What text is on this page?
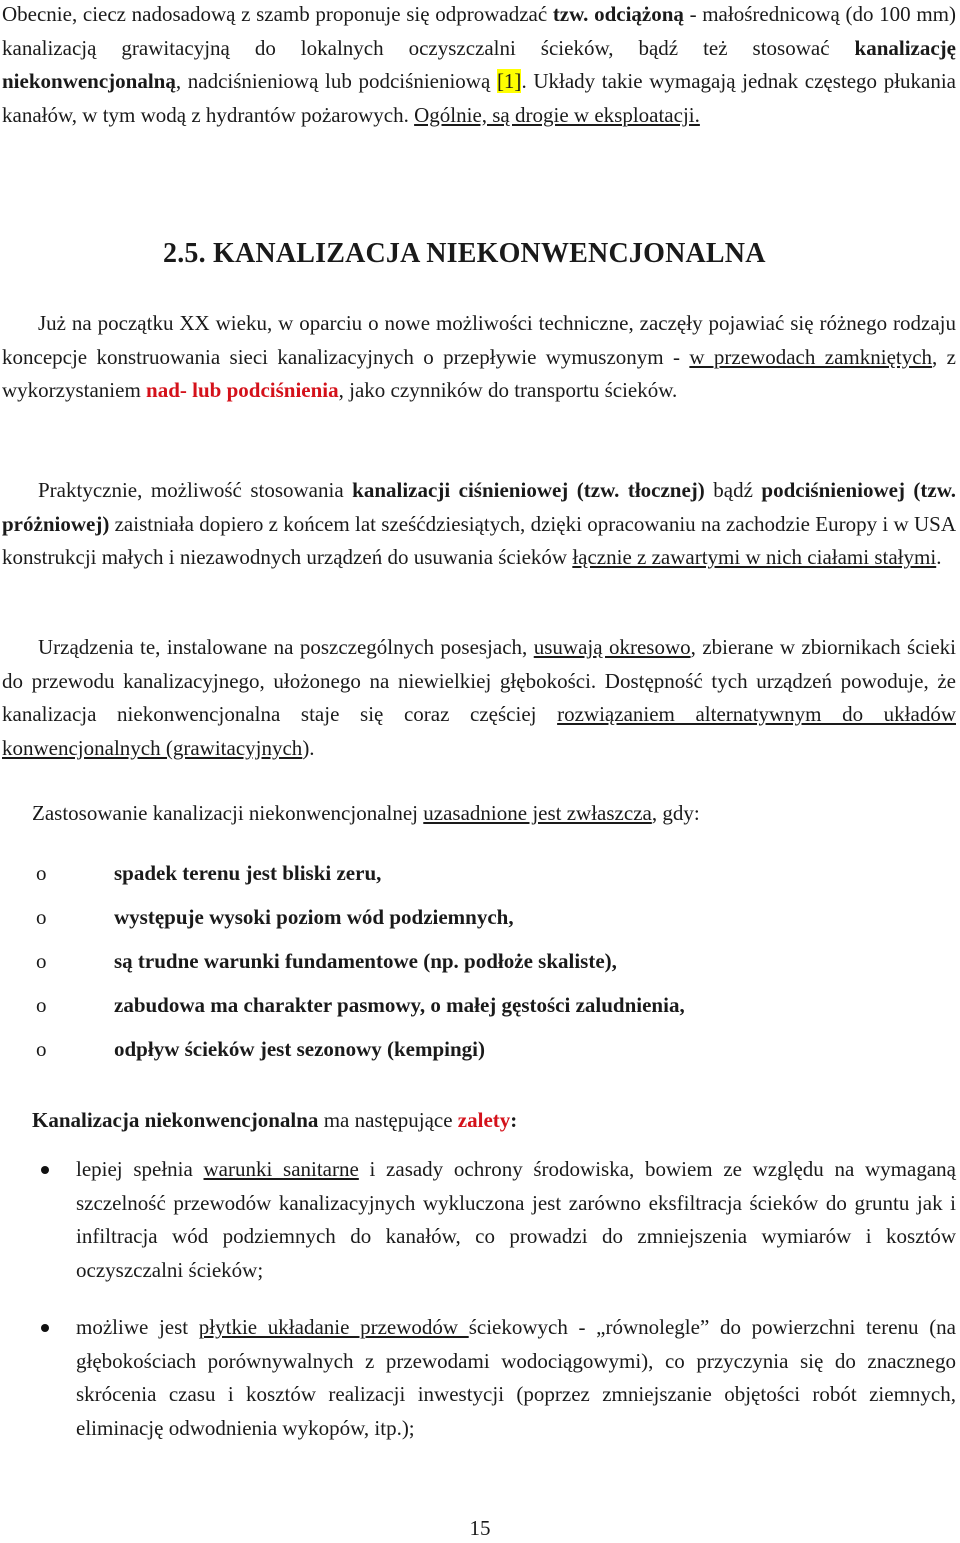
Obecnie, ciecz nadosadową z szamb proponuje się odprowadzać tzw. odciążoną - małośrednicową (do 100 mm) kanalizacją grawitacyjną do lokalnych oczyszczalni ścieków, bądź też stosować kanalizację niekonwencjonalną, nadciśnieniową lub podciśnieniową [1]. Układy takie wymagają jednak częstego płukania kanałów, w tym wodą z hydrantów pożarowych. Ogólnie, są drogie w eksploatacji.

2.5. KANALIZACJA NIEKONWENCJONALNA

Już na początku XX wieku, w oparciu o nowe możliwości techniczne, zaczęły pojawiać się różnego rodzaju koncepcje konstruowania sieci kanalizacyjnych o przepływie wymuszonym - w przewodach zamkniętych, z wykorzystaniem nad- lub podciśnienia, jako czynników do transportu ścieków.

Praktycznie, możliwość stosowania kanalizacji ciśnieniowej (tzw. tłocznej) bądź podciśnieniowej (tzw. próżniowej) zaistniała dopiero z końcem lat sześćdziesiątych, dzięki opracowaniu na zachodzie Europy i w USA konstrukcji małych i niezawodnych urządzeń do usuwania ścieków łącznie z zawartymi w nich ciałami stałymi.

Urządzenia te, instalowane na poszczególnych posesjach, usuwają okresowo, zbierane w zbiornikach ścieki do przewodu kanalizacyjnego, ułożonego na niewielkiej głębokości. Dostępność tych urządzeń powoduje, że kanalizacja niekonwencjonalna staje się coraz częściej rozwiązaniem alternatywnym do układów konwencjonalnych (grawitacyjnych).

Zastosowanie kanalizacji niekonwencjonalnej uzasadnione jest zwłaszcza, gdy:

o	spadek terenu jest bliski zeru,
o	występuje wysoki poziom wód podziemnych,
o	są trudne warunki fundamentowe (np. podłoże skaliste),
o	zabudowa ma charakter pasmowy, o małej gęstości zaludnienia,
o	odpływ ścieków jest sezonowy (kempingi)

Kanalizacja niekonwencjonalna ma następujące zalety:

lepiej spełnia warunki sanitarne i zasady ochrony środowiska, bowiem ze względu na wymaganą szczelność przewodów kanalizacyjnych wykluczona jest zarówno eksfiltracja ścieków do gruntu jak i infiltracja wód podziemnych do kanałów, co prowadzi do zmniejszenia wymiarów i kosztów oczyszczalni ścieków;
możliwe jest płytkie układanie przewodów ściekowych - „równolegle” do powierzchni terenu (na głębokościach porównywalnych z przewodami wodociągowymi), co przyczynia się do znacznego skrócenia czasu i kosztów realizacji inwestycji (poprzez zmniejszanie objętości robót ziemnych, eliminację odwodnienia wykopów, itp.);
15
